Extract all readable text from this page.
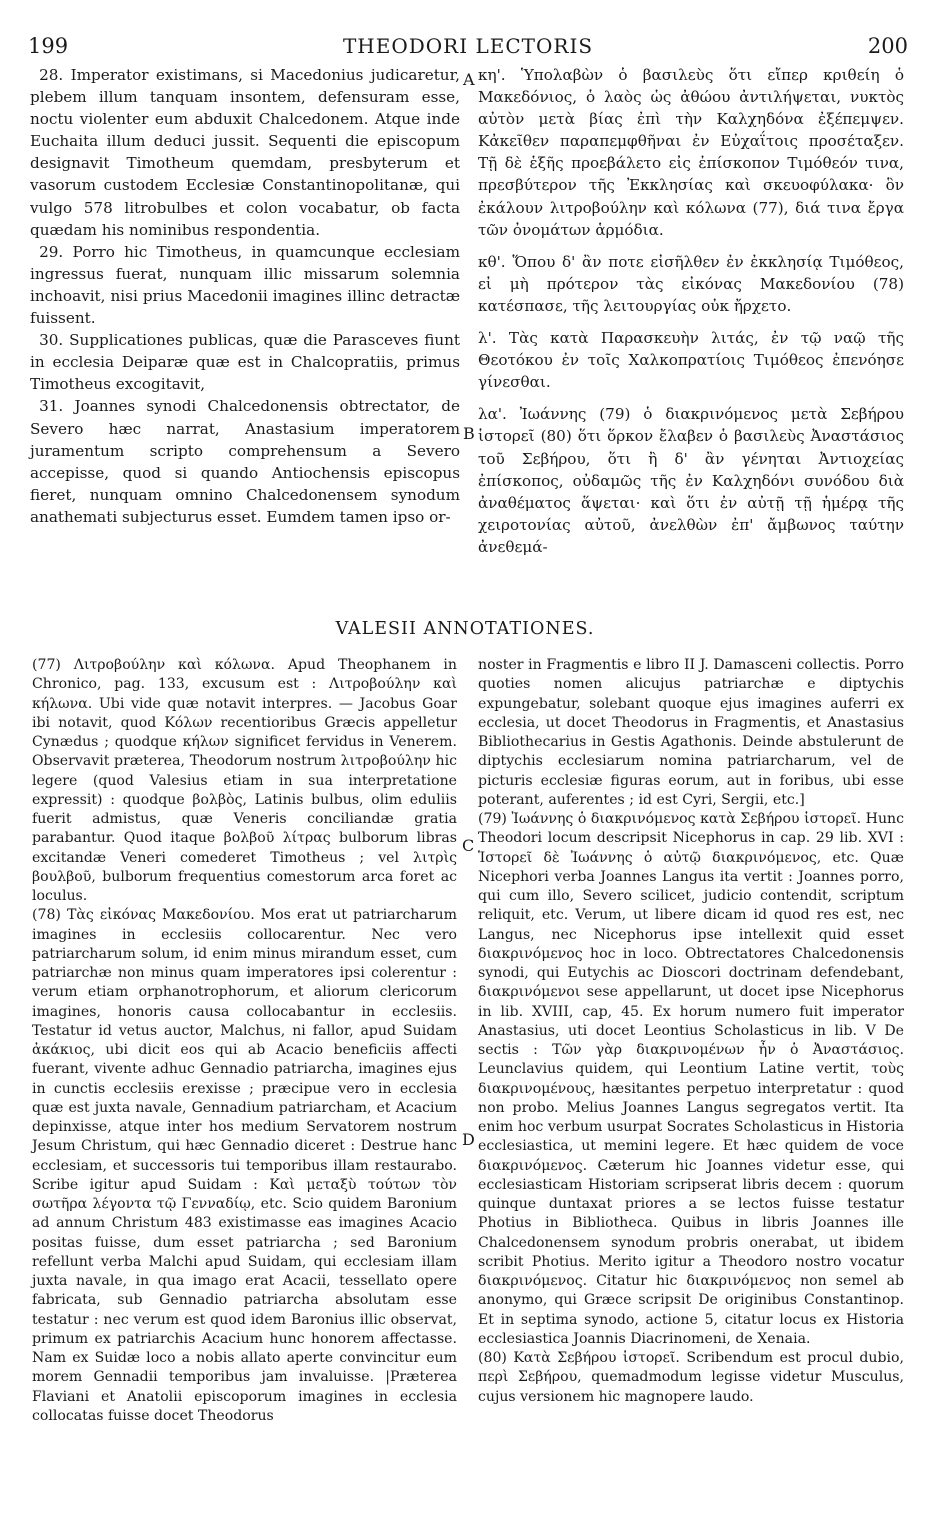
199	THEODORI LECTORIS	200

28. Imperator existimans, si Macedonius judicaretur, plebem illum tanquam insontem, defensuram esse, noctu violenter eum abduxit Chalcedonem. Atque inde Euchaita illum deduci jussit. Sequenti die episcopum designavit Timotheum quemdam, presbyterum et vasorum custodem Ecclesiæ Constantinopolitanæ, qui vulgo 578 litrobulbes et colon vocabatur, ob facta quædam his nominibus respondentia.

29. Porro hic Timotheus, in quamcunque ecclesiam ingressus fuerat, nunquam illic missarum solemnia inchoavit, nisi prius Macedonii imagines illinc detractæ fuissent.

30. Supplicationes publicas, quæ die Parasceves fiunt in ecclesia Deiparæ quæ est in Chalcopratiis, primus Timotheus excogitavit,

31. Joannes synodi Chalcedonensis obtrectator, de Severo hæc narrat, Anastasium imperatorem juramentum scripto comprehensum a Severo accepisse, quod si quando Antiochensis episcopus fieret, nunquam omnino Chalcedonensem synodum anathemati subjecturus esset. Eumdem tamen ipso or-

κη'. Ὑπολαβὼν ὁ βασιλεὺς ὅτι εἴπερ κριθείη ὁ Μακεδόνιος, ὁ λαὸς ὡς ἀθώου ἀντιλήψεται, νυκτὸς αὐτὸν μετὰ βίας ἐπὶ τὴν Καλχηδόνα ἐξέπεμψεν. Κἀκεῖθεν παραπεμφθῆναι ἐν Εὐχαΐτοις προσέταξεν. Τῇ δὲ ἑξῆς προεβάλετο εἰς ἐπίσκοπον Τιμόθεόν τινα, πρεσβύτερον τῆς Ἐκκλησίας καὶ σκευοφύλακα· ὃν ἐκάλουν λιτροβούλην καὶ κόλωνα (77), διά τινα ἔργα τῶν ὀνομάτων ἁρμόδια.

κθ'. Ὅπου δ' ἂν ποτε εἰσῆλθεν ἐν ἐκκλησίᾳ Τιμόθεος, εἰ μὴ πρότερον τὰς εἰκόνας Μακεδονίου (78) κατέσπασε, τῆς λειτουργίας οὐκ ἤρχετο.

λ'. Τὰς κατὰ Παρασκευὴν λιτάς, ἐν τῷ ναῷ τῆς Θεοτόκου ἐν τοῖς Χαλκοπρατίοις Τιμόθεος ἐπενόησε γίνεσθαι.

λα'. Ἰωάννης (79) ὁ διακρινόμενος μετὰ Σεβήρου ἱστορεῖ (80) ὅτι ὅρκον ἔλαβεν ὁ βασιλεὺς Ἀναστάσιος τοῦ Σεβήρου, ὅτι ἢ δ' ἂν γένηται Ἀντιοχείας ἐπίσκοπος, οὐδαμῶς τῆς ἐν Καλχηδόνι συνόδου διὰ ἀναθέματος ἅψεται· καὶ ὅτι ἐν αὐτῇ τῇ ἡμέρᾳ τῆς χειροτονίας αὐτοῦ, ἀνελθὼν ἐπ' ἄμβωνος ταύτην ἀνεθεμά-

A
B
C
D
VALESII ANNOTATIONES.

(77) Λιτροβούλην καὶ κόλωνα. Apud Theophanem in Chronico, pag. 133, excusum est : Λιτροβούλην καὶ κήλωνα. Ubi vide quæ notavit interpres. — Jacobus Goar ibi notavit, quod Κόλων recentioribus Græcis appelletur Cynædus ; quodque κήλων significet fervidus in Venerem. Observavit præterea, Theodorum nostrum λιτροβούλην hic legere (quod Valesius etiam in sua interpretatione expressit) : quodque βολβὸς, Latinis bulbus, olim eduliis fuerit admistus, quæ Veneris conciliandæ gratia parabantur. Quod itaque βολβοῦ λίτρας bulborum libras excitandæ Veneri comederet Timotheus ; vel λιτρὶς βουλβοῦ, bulborum frequentius comestorum arca foret ac loculus.

(78) Τὰς εἰκόνας Μακεδονίου. Mos erat ut patriarcharum imagines in ecclesiis collocarentur. Nec vero patriarcharum solum, id enim minus mirandum esset, cum patriarchæ non minus quam imperatores ipsi colerentur : verum etiam orphanotrophorum, et aliorum clericorum imagines, honoris causa collocabantur in ecclesiis. Testatur id vetus auctor, Malchus, ni fallor, apud Suidam ἀκάκιος, ubi dicit eos qui ab Acacio beneficiis affecti fuerant, vivente adhuc Gennadio patriarcha, imagines ejus in cunctis ecclesiis erexisse ; præcipue vero in ecclesia quæ est juxta navale, Gennadium patriarcham, et Acacium depinxisse, atque inter hos medium Servatorem nostrum Jesum Christum, qui hæc Gennadio diceret : Destrue hanc ecclesiam, et successoris tui temporibus illam restaurabo. Scribe igitur apud Suidam : Καὶ μεταξὺ τούτων τὸν σωτῆρα λέγοντα τῷ Γενναδίῳ, etc. Scio quidem Baronium ad annum Christum 483 existimasse eas imagines Acacio positas fuisse, dum esset patriarcha ; sed Baronium refellunt verba Malchi apud Suidam, qui ecclesiam illam juxta navale, in qua imago erat Acacii, tessellato opere fabricata, sub Gennadio patriarcha absolutam esse testatur : nec verum est quod idem Baronius illic observat, primum ex patriarchis Acacium hunc honorem affectasse. Nam ex Suidæ loco a nobis allato aperte convincitur eum morem Gennadii temporibus jam invaluisse. |Præterea Flaviani et Anatolii episcoporum imagines in ecclesia collocatas fuisse docet Theodorus

noster in Fragmentis e libro II J. Damasceni collectis. Porro quoties nomen alicujus patriarchæ e diptychis expungebatur, solebant quoque ejus imagines auferri ex ecclesia, ut docet Theodorus in Fragmentis, et Anastasius Bibliothecarius in Gestis Agathonis. Deinde abstulerunt de diptychis ecclesiarum nomina patriarcharum, vel de picturis ecclesiæ figuras eorum, aut in foribus, ubi esse poterant, auferentes ; id est Cyri, Sergii, etc.]

(79) Ἰωάννης ὁ διακρινόμενος κατὰ Σεβήρου ἱστορεῖ. Hunc Theodori locum descripsit Nicephorus in cap. 29 lib. XVI : Ἱστορεῖ δὲ Ἰωάννης ὁ αὐτῷ διακρινόμενος, etc. Quæ Nicephori verba Joannes Langus ita vertit : Joannes porro, qui cum illo, Severo scilicet, judicio contendit, scriptum reliquit, etc. Verum, ut libere dicam id quod res est, nec Langus, nec Nicephorus ipse intellexit quid esset διακρινόμενος hoc in loco. Obtrectatores Chalcedonensis synodi, qui Eutychis ac Dioscori doctrinam defendebant, διακρινόμενοι sese appellarunt, ut docet ipse Nicephorus in lib. XVIII, cap, 45. Ex horum numero fuit imperator Anastasius, uti docet Leontius Scholasticus in lib. V De sectis : Τῶν γὰρ διακρινομένων ἦν ὁ Ἀναστάσιος. Leunclavius quidem, qui Leontium Latine vertit, τοὺς διακρινομένους, hæsitantes perpetuo interpretatur : quod non probo. Melius Joannes Langus segregatos vertit. Ita enim hoc verbum usurpat Socrates Scholasticus in Historia ecclesiastica, ut memini legere. Et hæc quidem de voce διακρινόμενος. Cæterum hic Joannes videtur esse, qui ecclesiasticam Historiam scripserat libris decem : quorum quinque duntaxat priores a se lectos fuisse testatur Photius in Bibliotheca. Quibus in libris Joannes ille Chalcedonensem synodum probris onerabat, ut ibidem scribit Photius. Merito igitur a Theodoro nostro vocatur διακρινόμενος. Citatur hic διακρινόμενος non semel ab anonymo, qui Græce scripsit De originibus Constantinop. Et in septima synodo, actione 5, citatur locus ex Historia ecclesiastica Joannis Diacrinomeni, de Xenaia.

(80) Κατὰ Σεβήρου ἱστορεῖ. Scribendum est procul dubio, περὶ Σεβήρου, quemadmodum legisse videtur Musculus, cujus versionem hic magnopere laudo.
